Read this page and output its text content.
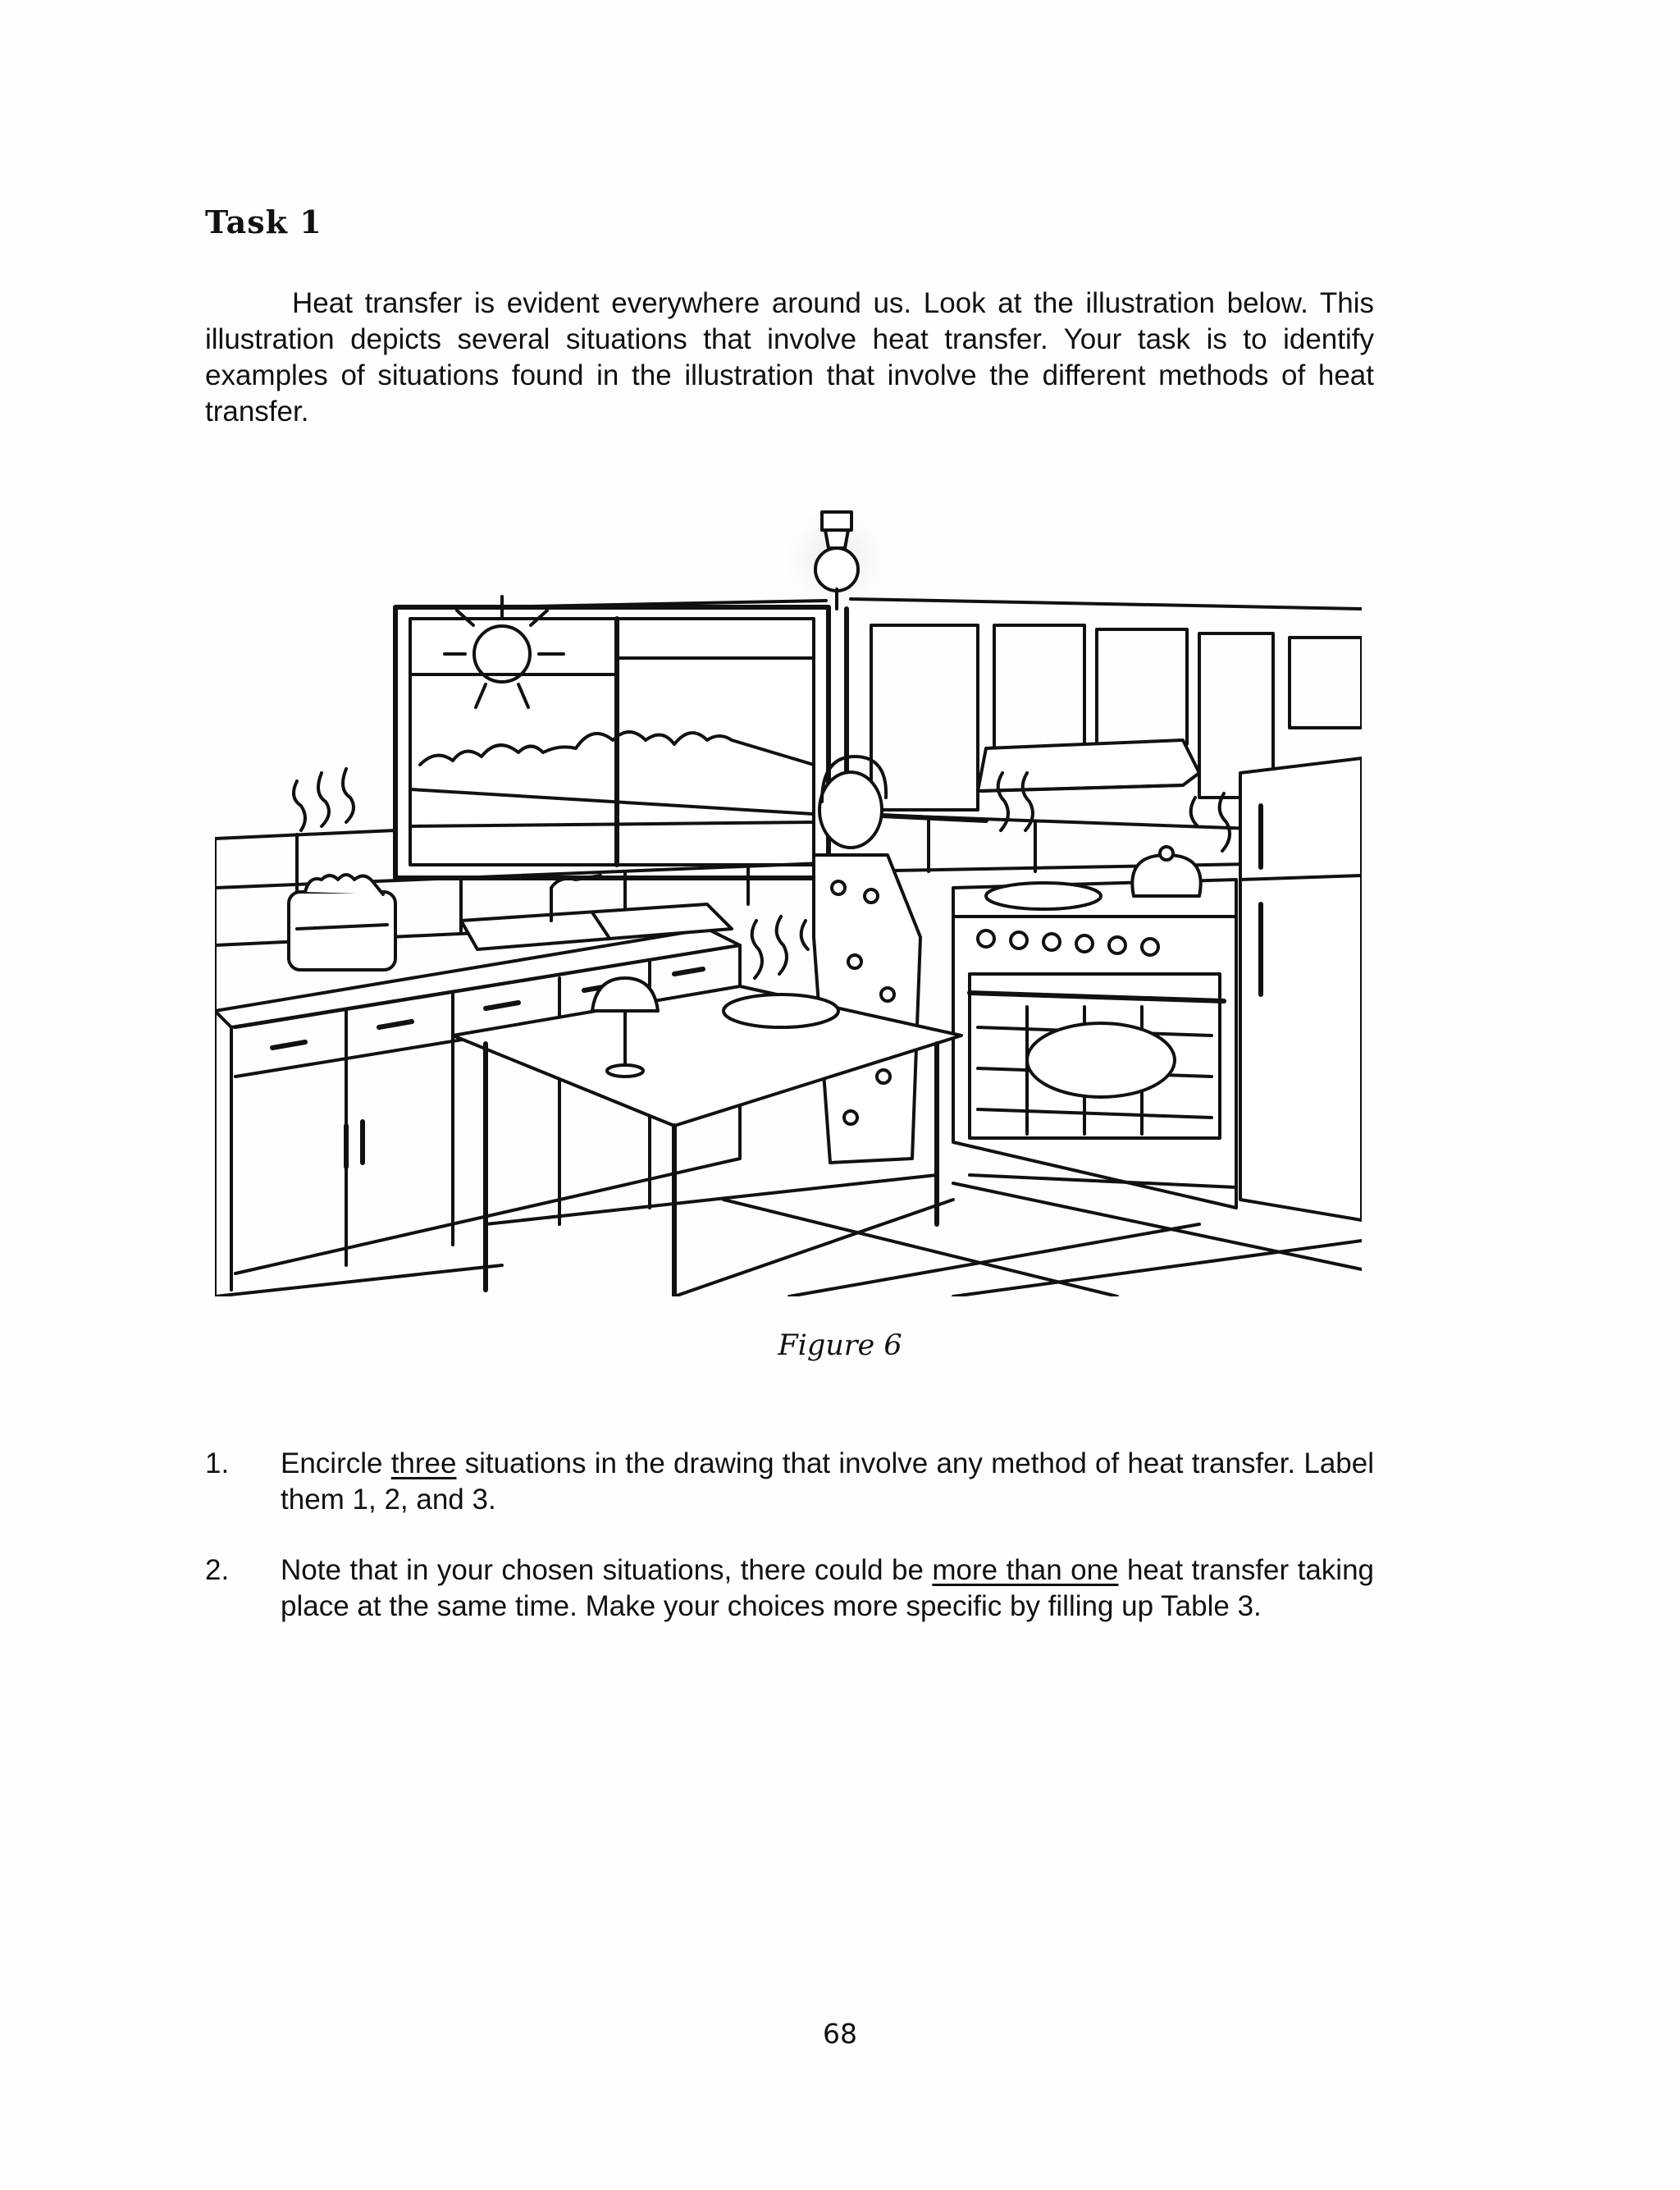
Task 1

Heat transfer is evident everywhere around us. Look at the illustration below. This illustration depicts several situations that involve heat transfer. Your task is to identify examples of situations found in the illustration that involve the different methods of heat transfer.

Figure 6

1. Encircle three situations in the drawing that involve any method of heat transfer. Label them 1, 2, and 3.
2. Note that in your chosen situations, there could be more than one heat transfer taking place at the same time. Make your choices more specific by filling up Table 3.

68
